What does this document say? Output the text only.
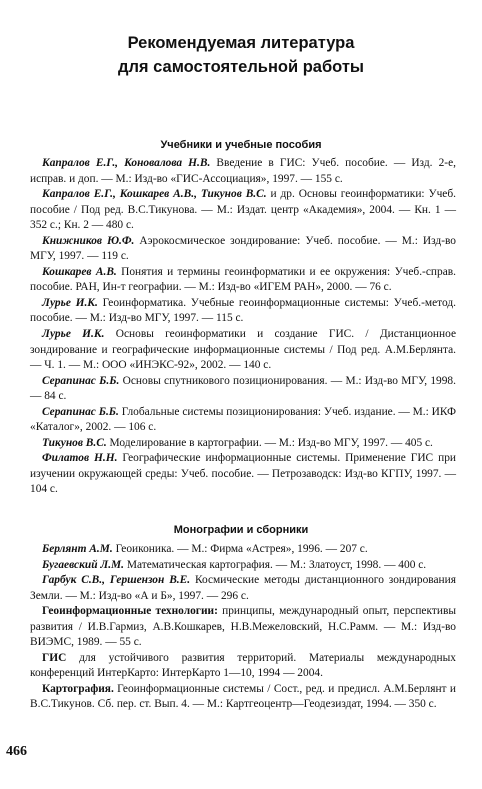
Рекомендуемая литература
для самостоятельной работы
Учебники и учебные пособия

Капралов Е.Г., Коновалова Н.В. Введение в ГИС: Учеб. пособие. — Изд. 2-е, исправ. и доп. — М.: Изд-во «ГИС-Ассоциация», 1997. — 155 с.

Капралов Е.Г., Кошкарев А.В., Тикунов В.С. и др. Основы геоинформатики: Учеб. пособие / Под ред. В.С.Тикунова. — М.: Издат. центр «Академия», 2004. — Кн. 1 — 352 с.; Кн. 2 — 480 с.

Книжников Ю.Ф. Аэрокосмическое зондирование: Учеб. пособие. — М.: Изд-во МГУ, 1997. — 119 с.

Кошкарев А.В. Понятия и термины геоинформатики и ее окружения: Учеб.-справ. пособие. РАН, Ин-т географии. — М.: Изд-во «ИГЕМ РАН», 2000. — 76 с.

Лурье И.К. Геоинформатика. Учебные геоинформационные системы: Учеб.-метод. пособие. — М.: Изд-во МГУ, 1997. — 115 с.

Лурье И.К. Основы геоинформатики и создание ГИС. / Дистанционное зондирование и географические информационные системы / Под ред. А.М.Берлянта. — Ч. 1. — М.: ООО «ИНЭКС-92», 2002. — 140 с.

Серапинас Б.Б. Основы спутникового позиционирования. — М.: Изд-во МГУ, 1998. — 84 с.

Серапинас Б.Б. Глобальные системы позиционирования: Учеб. издание. — М.: ИКФ «Каталог», 2002. — 106 с.

Тикунов В.С. Моделирование в картографии. — М.: Изд-во МГУ, 1997. — 405 с.

Филатов Н.Н. Географические информационные системы. Применение ГИС при изучении окружающей среды: Учеб. пособие. — Петрозаводск: Изд-во КГПУ, 1997. — 104 с.

Монографии и сборники

Берлянт А.М. Геоиконика. — М.: Фирма «Астрея», 1996. — 207 с.

Бугаевский Л.М. Математическая картография. — М.: Златоуст, 1998. — 400 с.

Гарбук С.В., Гершензон В.Е. Космические методы дистанционного зондирования Земли. — М.: Изд-во «А и Б», 1997. — 296 с.

Геоинформационные технологии: принципы, международный опыт, перспективы развития / И.В.Гармиз, А.В.Кошкарев, Н.В.Межеловский, Н.С.Рамм. — М.: Изд-во ВИЭМС, 1989. — 55 с.

ГИС для устойчивого развития территорий. Материалы международных конференций ИнтерКарто: ИнтерКарто 1—10, 1994 — 2004.

Картография. Геоинформационные системы / Сост., ред. и предисл. А.М.Берлянт и В.С.Тикунов. Сб. пер. ст. Вып. 4. — М.: Картгеоцентр—Геодезиздат, 1994. — 350 с.

466
